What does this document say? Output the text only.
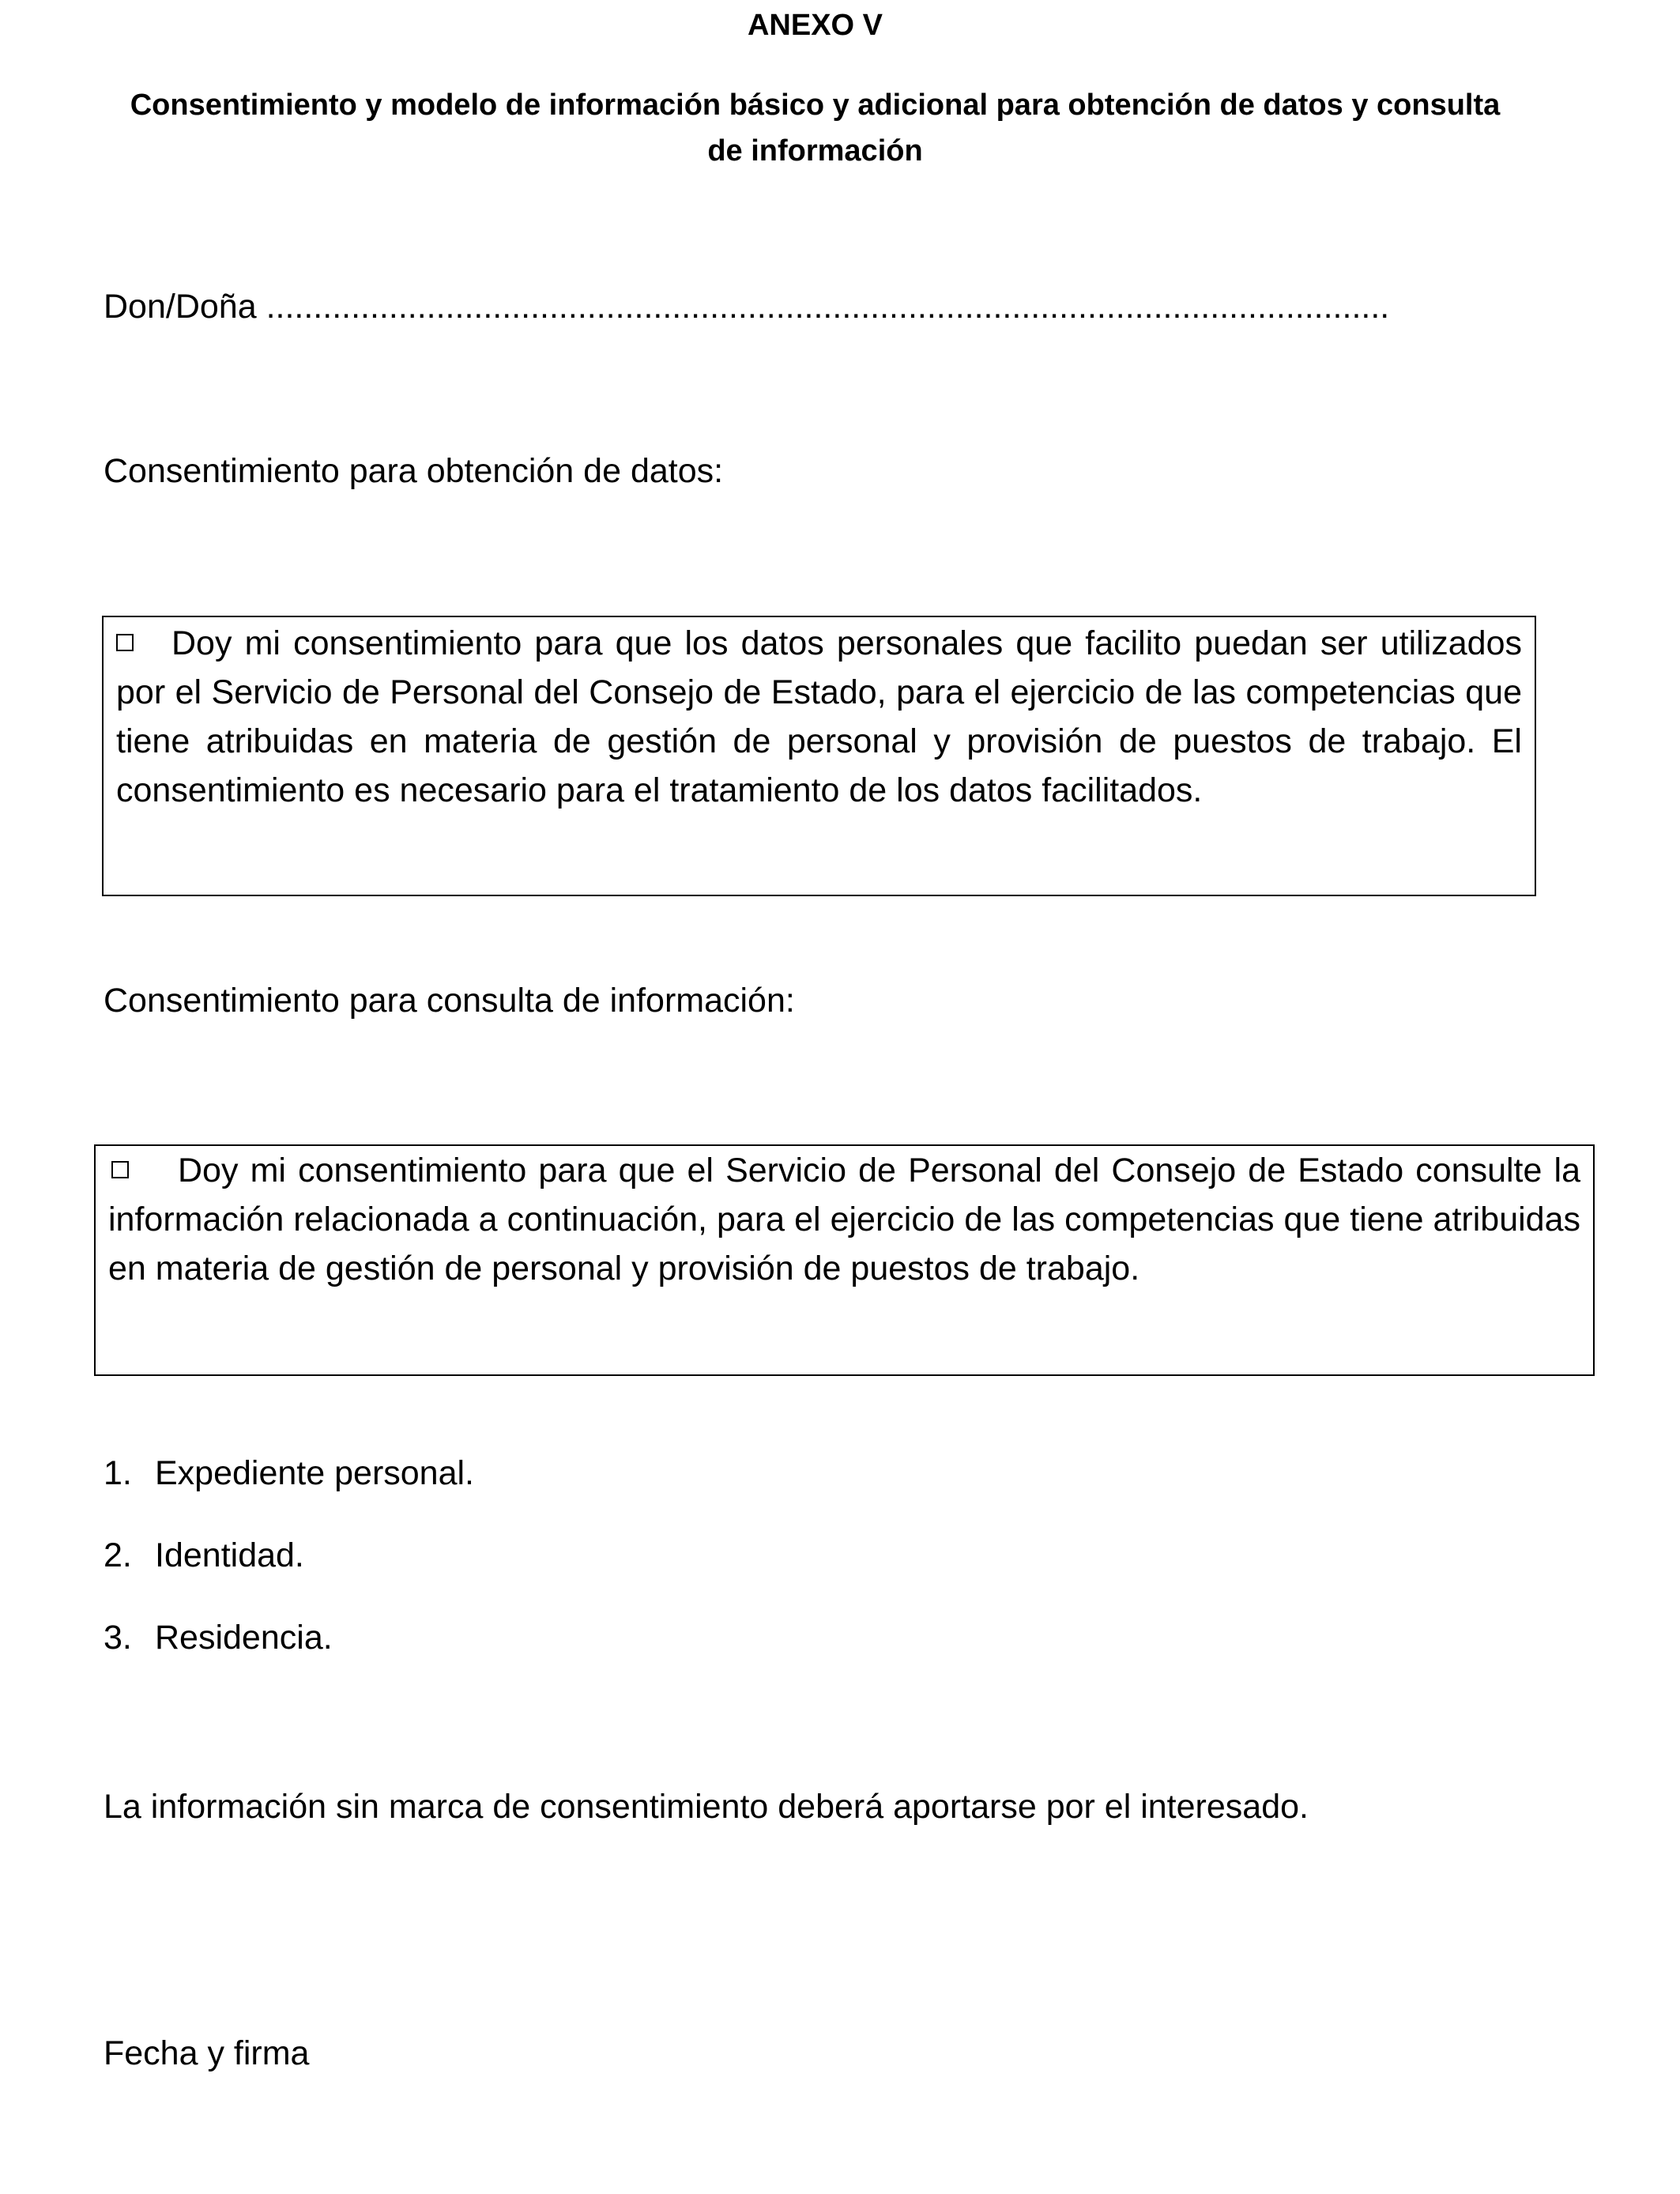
ANEXO V
Consentimiento y modelo de información básico y adicional para obtención de datos y consulta de información
Don/Doña .......................................................................................................................
Consentimiento para obtención de datos:
Doy mi consentimiento para que los datos personales que facilito puedan ser utilizados por el Servicio de Personal del Consejo de Estado, para el ejercicio de las competencias que tiene atribuidas en materia de gestión de personal y provisión de puestos de trabajo. El consentimiento es necesario para el tratamiento de los datos facilitados.
Consentimiento para consulta de información:
Doy mi consentimiento para que el Servicio de Personal del Consejo de Estado consulte la información relacionada a continuación, para el ejercicio de las competencias que tiene atribuidas en materia de gestión de personal y provisión de puestos de trabajo.
1. Expediente personal.
2. Identidad.
3. Residencia.
La información sin marca de consentimiento deberá aportarse por el interesado.
Fecha y firma
